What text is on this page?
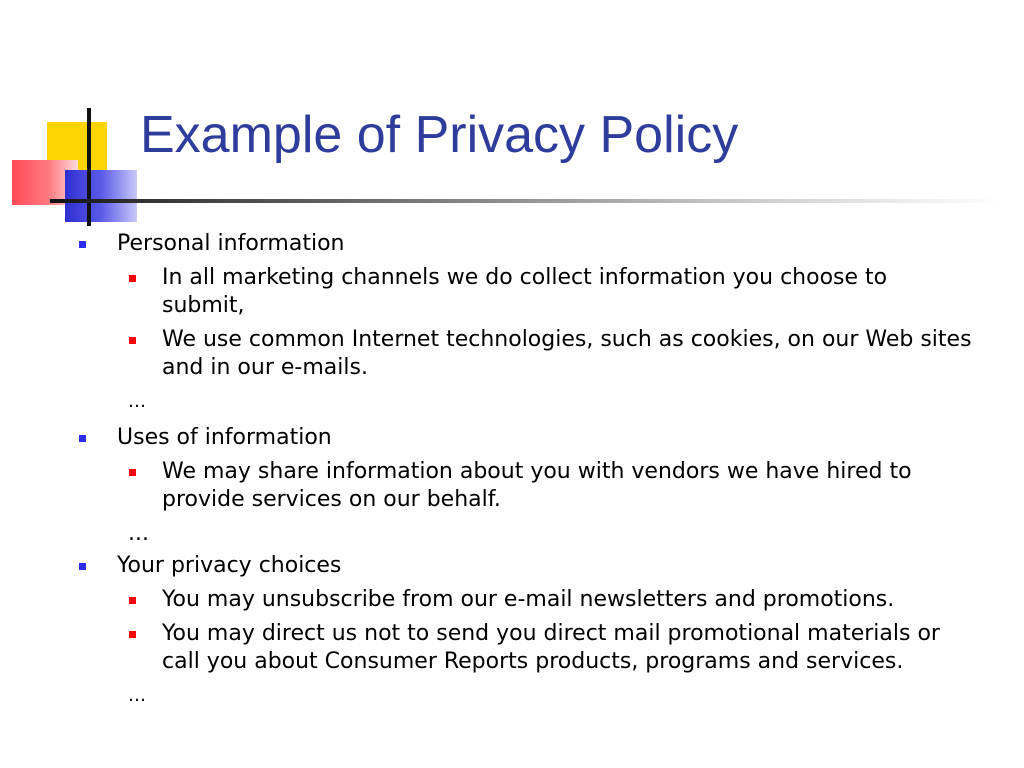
Example of Privacy Policy
Personal information
In all marketing channels we do collect information you choose to submit,
We use common Internet technologies, such as cookies, on our Web sites and in our e-mails.
…
Uses of information
We may share information about you with vendors we have hired to provide services on our behalf.
...
Your privacy choices
You may unsubscribe from our e-mail newsletters and promotions.
You may direct us not to send you direct mail promotional materials or call you about Consumer Reports products, programs and services.
…
